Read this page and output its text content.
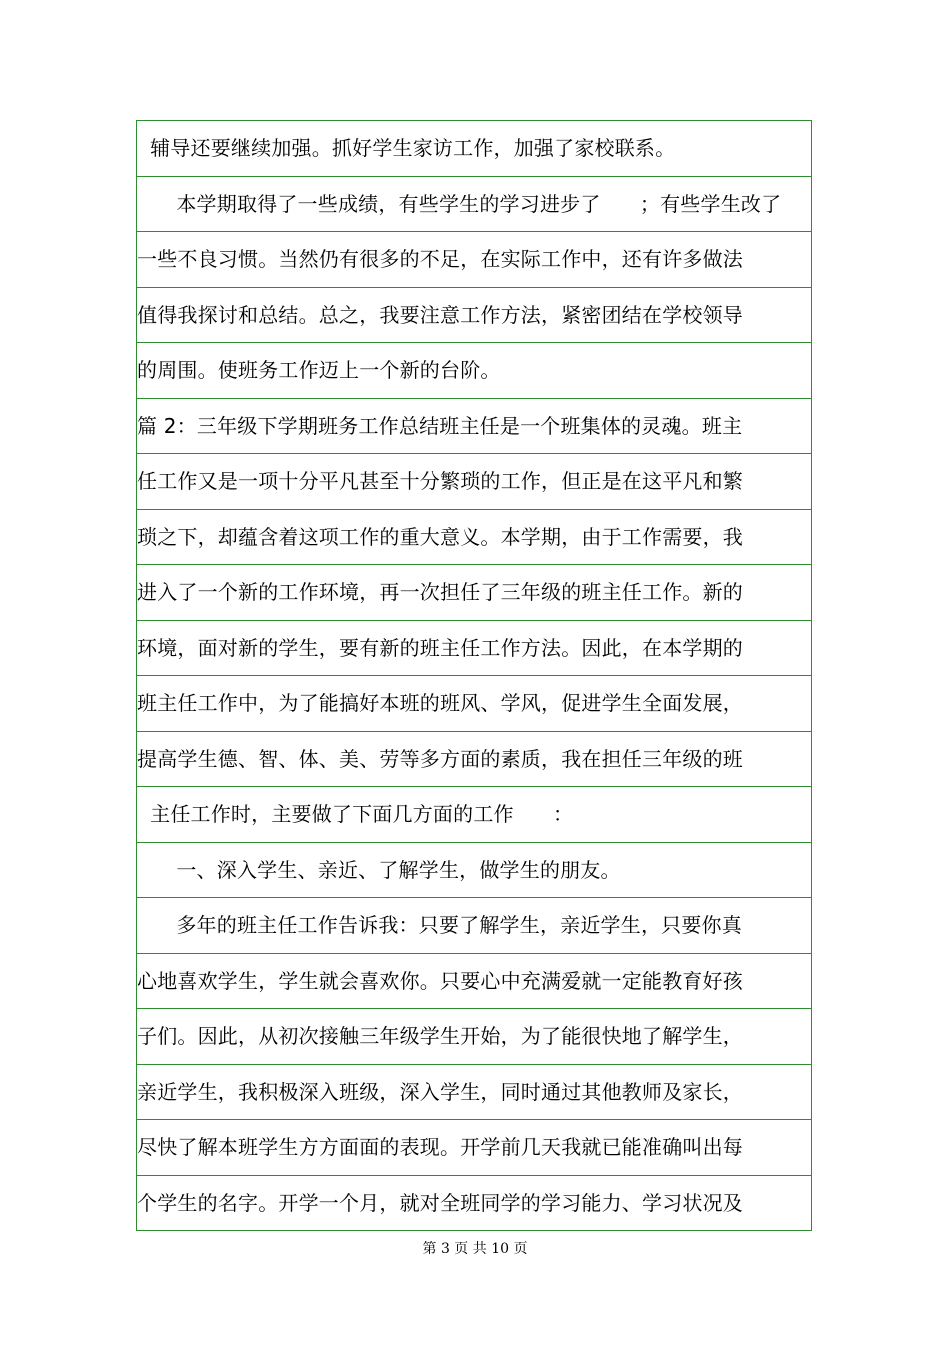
辅导还要继续加强。抓好学生家访工作，加强了家校联系。
本学期取得了一些成绩，有些学生的学习进步了      ；有些学生改了
一些不良习惯。当然仍有很多的不足，在实际工作中，还有许多做法
值得我探讨和总结。总之，我要注意工作方法，紧密团结在学校领导
的周围。使班务工作迈上一个新的台阶。
篇 2：三年级下学期班务工作总结班主任是一个班集体的灵魂。班主
任工作又是一项十分平凡甚至十分繁琐的工作，但正是在这平凡和繁
琐之下，却蕴含着这项工作的重大意义。本学期，由于工作需要，我
进入了一个新的工作环境，再一次担任了三年级的班主任工作。新的
环境，面对新的学生，要有新的班主任工作方法。因此，在本学期的
班主任工作中，为了能搞好本班的班风、学风，促进学生全面发展，
提高学生德、智、体、美、劳等多方面的素质，我在担任三年级的班
主任工作时，主要做了下面几方面的工作      ：
一、深入学生、亲近、了解学生，做学生的朋友。
多年的班主任工作告诉我：只要了解学生，亲近学生，只要你真
心地喜欢学生，学生就会喜欢你。只要心中充满爱就一定能教育好孩
子们。因此，从初次接触三年级学生开始，为了能很快地了解学生，
亲近学生，我积极深入班级，深入学生，同时通过其他教师及家长，
尽快了解本班学生方方面面的表现。开学前几天我就已能准确叫出每
个学生的名字。开学一个月，就对全班同学的学习能力、学习状况及
第 3 页 共 10 页
